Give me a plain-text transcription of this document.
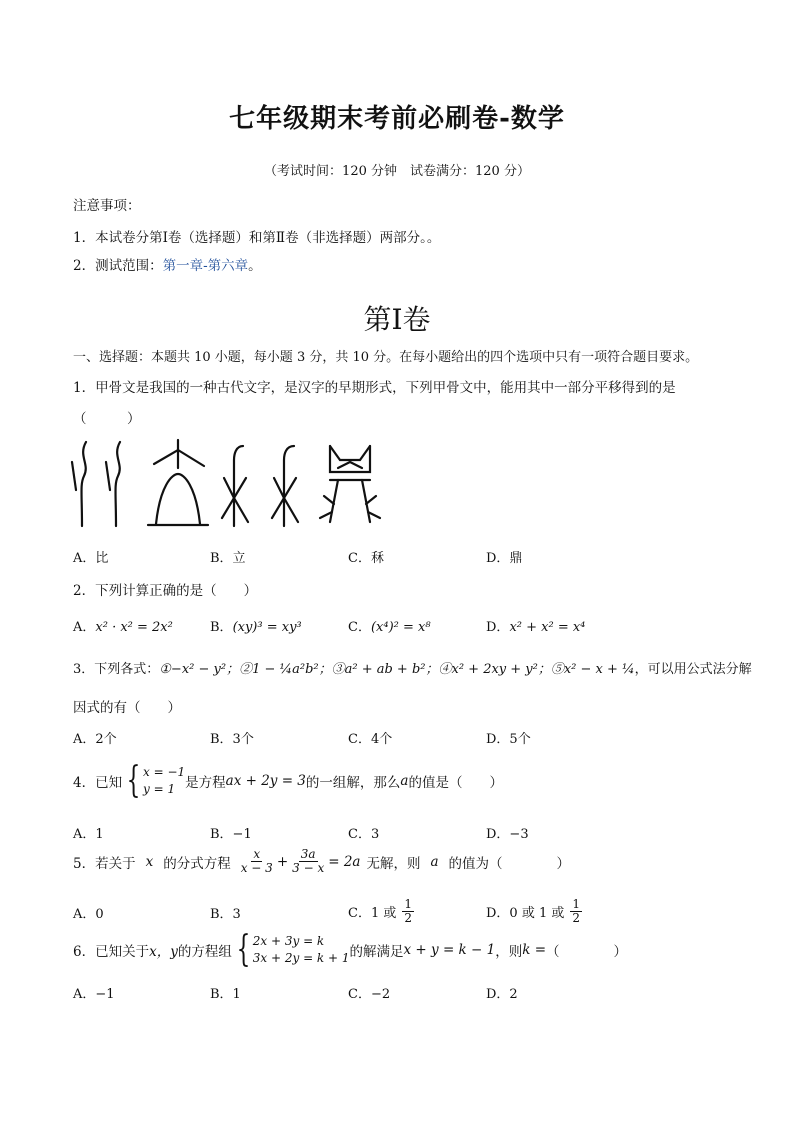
七年级期末考前必刷卷-数学
（考试时间：120 分钟　试卷满分：120 分）
注意事项：
1．本试卷分第Ⅰ卷（选择题）和第Ⅱ卷（非选择题）两部分。。
2．测试范围：第一章-第六章。
第Ⅰ卷
一、选择题：本题共 10 小题，每小题 3 分，共 10 分。在每小题给出的四个选项中只有一项符合题目要求。
1．甲骨文是我国的一种古代文字，是汉字的早期形式，下列甲骨文中，能用其中一部分平移得到的是
（　　　）
A．比	B．立	C．秝	D．鼎
2．下列计算正确的是（　　）
A．x² · x² = 2x²	B．(xy)³ = xy³	C．(x⁴)² = x⁸	D．x² + x² = x⁴
3．下列各式：①−x² − y²；②1 − ¼a²b²；③a² + ab + b²；④x² + 2xy + y²；⑤x² − x + ¼，可以用公式法分解
因式的有（　　）
A．2个	B．3个	C．4个	D．5个
4．已知 { x = −1
y = 1 是方程 ax + 2y = 3 的一组解，那么 a 的值是（　　）
A．1	B．−1	C．3	D．−3
5．若关于 x 的分式方程 $\frac{x}{x - 3} + \frac{3a}{3 - x} = 2a$ 无解，则 a 的值为（　　　　）
A．0	B．3	C．1 或 $\frac{1}{2}$	D．0 或 1 或 $\frac{1}{2}$
6．已知关于 x，y 的方程组 { 2x + 3y = k
3x + 2y = k + 1 的解满足 x + y = k − 1 ，则 k = （　　　　）
A．−1	B．1	C．−2	D．2
